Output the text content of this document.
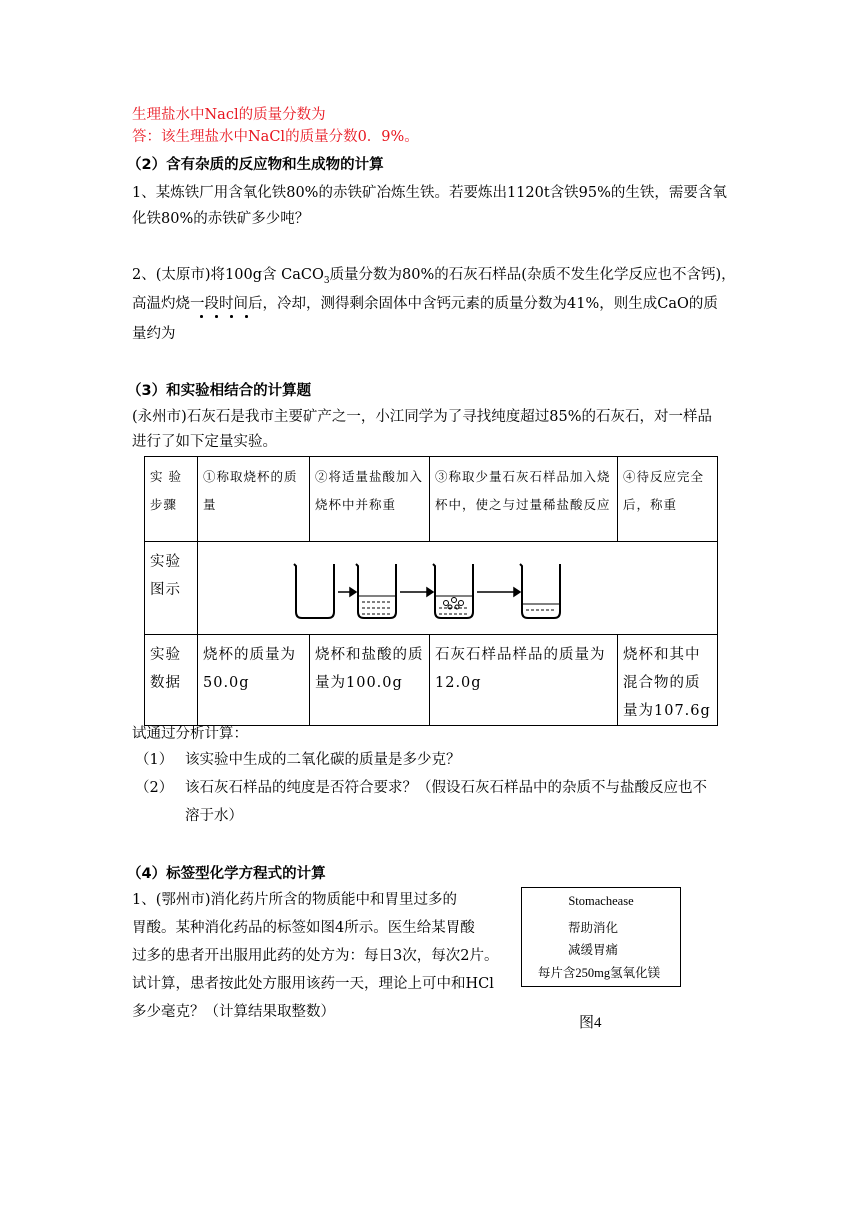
生理盐水中Nacl的质量分数为
答：该生理盐水中NaCl的质量分数0．9%。
（2）含有杂质的反应物和生成物的计算
1、某炼铁厂用含氧化铁80%的赤铁矿冶炼生铁。若要炼出1120t含铁95%的生铁，需要含氧
化铁80%的赤铁矿多少吨？
2、(太原市)将100g含 CaCO$_3$质量分数为80%的石灰石样品(杂质不发生化学反应也不含钙)，
高温灼烧一段时间后，冷却，测得剩余固体中含钙元素的质量分数为41%，则生成CaO的质
量约为
（3）和实验相结合的计算题
(永州市)石灰石是我市主要矿产之一，小江同学为了寻找纯度超过85%的石灰石，对一样品
进行了如下定量实验。
实 验 步骤	①称取烧杯的质量	②将适量盐酸加入烧杯中并称重	③称取少量石灰石样品加入烧杯中，使之与过量稀盐酸反应	④待反应完全后，称重
实验图示	
实验数据	烧杯的质量为50.0g	烧杯和盐酸的质量为100.0g	石灰石样品样品的质量为12.0g	烧杯和其中混合物的质量为107.6g
试通过分析计算：
（1） 该实验中生成的二氧化碳的质量是多少克？
（2） 该石灰石样品的纯度是否符合要求？（假设石灰石样品中的杂质不与盐酸反应也不
溶于水）
（4）标签型化学方程式的计算
1、(鄂州市)消化药片所含的物质能中和胃里过多的
胃酸。某种消化药品的标签如图4所示。医生给某胃酸
过多的患者开出服用此药的处方为：每日3次，每次2片。
试计算，患者按此处方服用该药一天，理论上可中和HCl
多少毫克？（计算结果取整数）
Stomachease
帮助消化
减缓胃痛
每片含250mg氢氧化镁
图4
